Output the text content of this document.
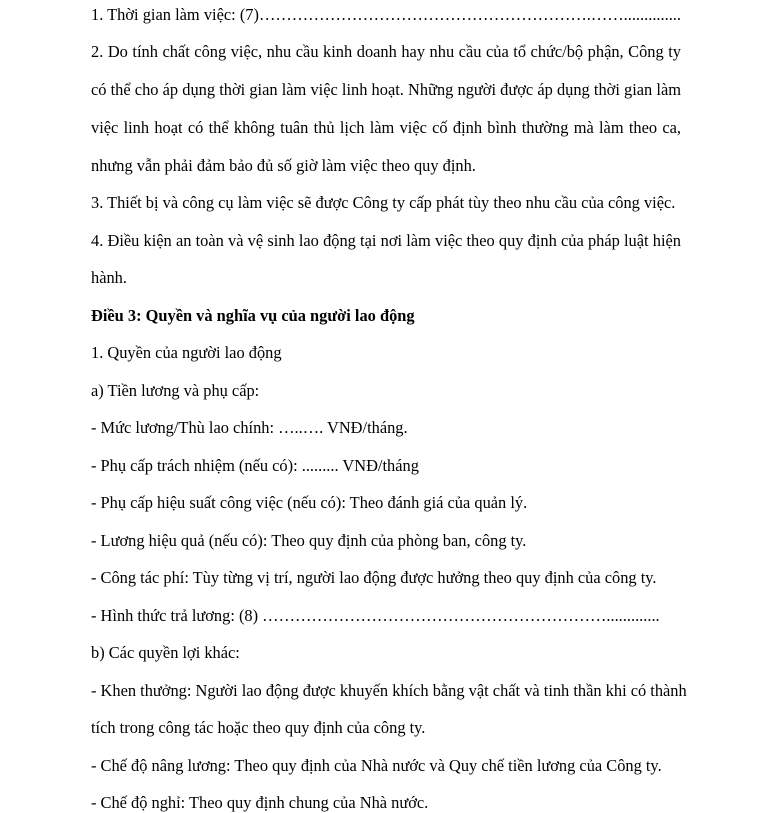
1. Thời gian làm việc: (7)…………………………………………………….……..............
2. Do tính chất công việc, nhu cầu kinh doanh hay nhu cầu của tổ chức/bộ phận, Công ty
có thể cho áp dụng thời gian làm việc linh hoạt. Những người được áp dụng thời gian làm
việc linh hoạt có thể không tuân thủ lịch làm việc cố định bình thường mà làm theo ca,
nhưng vẫn phải đảm bảo đủ số giờ làm việc theo quy định.
3. Thiết bị và công cụ làm việc sẽ được Công ty cấp phát tùy theo nhu cầu của công việc.
4. Điều kiện an toàn và vệ sinh lao động tại nơi làm việc theo quy định của pháp luật hiện
hành.
Điều 3: Quyền và nghĩa vụ của người lao động
1. Quyền của người lao động
a) Tiền lương và phụ cấp:
- Mức lương/Thù lao chính: …..…. VNĐ/tháng.
- Phụ cấp trách nhiệm (nếu có): ......... VNĐ/tháng
- Phụ cấp hiệu suất công việc (nếu có): Theo đánh giá của quản lý.
- Lương hiệu quả (nếu có): Theo quy định của phòng ban, công ty.
- Công tác phí: Tùy từng vị trí, người lao động được hưởng theo quy định của công ty.
- Hình thức trả lương: (8) ……………………………………………………….............
b) Các quyền lợi khác:
- Khen thưởng: Người lao động được khuyến khích bằng vật chất và tinh thần khi có thành
tích trong công tác hoặc theo quy định của công ty.
- Chế độ nâng lương: Theo quy định của Nhà nước và Quy chế tiền lương của Công ty.
- Chế độ nghỉ: Theo quy định chung của Nhà nước.
